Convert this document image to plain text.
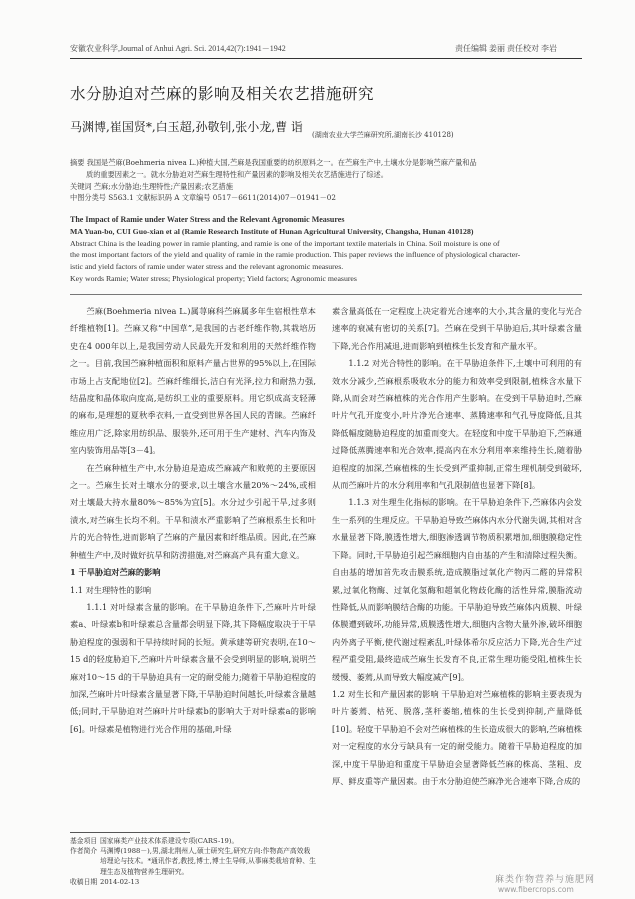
安徽农业科学,Journal of Anhui Agri. Sci. 2014,42(7):1941－1942	责任编辑 姜丽 责任校对 李岩
水分胁迫对苎麻的影响及相关农艺措施研究
马渊博,崔国贤*,白玉超,孙敬钊,张小龙,曹 诣
(湖南农业大学苎麻研究所,湖南长沙 410128)
摘要 我国是苎麻(Boehmeria nivea L.)种植大国,苎麻是我国重要的纺织原料之一。在苎麻生产中,土壤水分是影响苎麻产量和品
质的重要因素之一。就水分胁迫对苎麻生理特性和产量因素的影响及相关农艺措施进行了综述。
关键词 苎麻;水分胁迫;生理特性;产量因素;农艺措施
中图分类号 S563.1 文献标识码 A 文章编号 0517－6611(2014)07－01941－02
The Impact of Ramie under Water Stress and the Relevant Agronomic Measures
MA Yuan-bo, CUI Guo-xian et al (Ramie Research Institute of Hunan Agricultural University, Changsha, Hunan 410128)
Abstract China is the leading power in ramie planting, and ramie is one of the important textile materials in China. Soil moisture is one of
the most important factors of the yield and quality of ramie in the ramie production. This paper reviews the influence of physiological character-
istic and yield factors of ramie under water stress and the relevant agronomic measures.
Key words Ramie; Water stress; Physiological property; Yield factors; Agronomic measures

苎麻(Boehmeria nivea L.)属荨麻科苎麻属多年生宿根性草本纤维植物[1]。苎麻又称“中国草”,是我国的古老纤维作物,其栽培历史在4 000年以上,是我国劳动人民最先开发和利用的天然纤维作物之一。目前,我国苎麻种植面积和原料产量占世界的95%以上,在国际市场上占支配地位[2]。苎麻纤维细长,洁白有光泽,拉力和耐热力强,结晶度和晶体取向度高,是纺织工业的重要原料。用它织成高支轻薄的麻布,是理想的夏秋季衣料,一直受到世界各国人民的青睐。苎麻纤维应用广泛,除家用纺织品、服装外,还可用于生产建材、汽车内饰及室内装饰用品等[3－4]。

在苎麻种植生产中,水分胁迫是造成苎麻减产和败蔸的主要原因之一。苎麻生长对土壤水分的要求,以土壤含水量20%～24%,或相对土壤最大持水量80%～85%为宜[5]。水分过少引起干旱,过多则渍水,对苎麻生长均不利。干旱和渍水严重影响了苎麻根系生长和叶片的光合特性,进而影响了苎麻的产量因素和纤维品质。因此,在苎麻种植生产中,及时做好抗旱和防涝措施,对苎麻高产具有重大意义。

1 干旱胁迫对苎麻的影响

1.1 对生理特性的影响

1.1.1 对叶绿素含量的影响。在干旱胁迫条件下,苎麻叶片叶绿素a、叶绿素b和叶绿素总含量都会明显下降,其下降幅度取决于干旱胁迫程度的强弱和干旱持续时间的长短。黄承建等研究表明,在10～15 d的轻度胁迫下,苎麻叶片叶绿素含量不会受到明显的影响,说明苎麻对10～15 d的干旱胁迫具有一定的耐受能力;随着干旱胁迫程度的加深,苎麻叶片叶绿素含量显著下降,干旱胁迫时间越长,叶绿素含量越低;同时,干旱胁迫对苎麻叶片叶绿素b的影响大于对叶绿素a的影响[6]。叶绿素是植物进行光合作用的基础,叶绿

素含量高低在一定程度上决定着光合速率的大小,其含量的变化与光合速率的衰减有密切的关系[7]。苎麻在受到干旱胁迫后,其叶绿素含量下降,光合作用减退,进而影响到植株生长发育和产量水平。

1.1.2 对光合特性的影响。在干旱胁迫条件下,土壤中可利用的有效水分减少,苎麻根系吸收水分的能力和效率受到限制,植株含水量下降,从而会对苎麻植株的光合作用产生影响。在受到干旱胁迫时,苎麻叶片气孔开度变小,叶片净光合速率、蒸腾速率和气孔导度降低,且其降低幅度随胁迫程度的加重而变大。在轻度和中度干旱胁迫下,苎麻通过降低蒸腾速率和光合效率,提高内在水分利用率来维持生长,随着胁迫程度的加深,苎麻植株的生长受到严重抑制,正常生理机制受到破坏,从而苎麻叶片的水分利用率和气孔限制值也显著下降[8]。

1.1.3 对生理生化指标的影响。在干旱胁迫条件下,苎麻体内会发生一系列的生理反应。干旱胁迫导致苎麻体内水分代谢失调,其相对含水量显著下降,膜透性增大,细胞渗透调节物质积累增加,细胞膜稳定性下降。同时,干旱胁迫引起苎麻细胞内自由基的产生和清除过程失衡。自由基的增加首先攻击膜系统,造成膜脂过氧化产物丙二醛的异常积累,过氧化物酶、过氧化氢酶和超氧化物歧化酶的活性异常,膜脂流动性降低,从而影响膜结合酶的功能。干旱胁迫导致苎麻体内质膜、叶绿体膜遭到破坏,功能异常,质膜透性增大,细胞内含物大量外渗,破坏细胞内外离子平衡,使代谢过程紊乱,叶绿体希尔反应活力下降,光合生产过程严重受阻,最终造成苎麻生长发育不良,正常生理功能受阻,植株生长缓慢、萎蔫,从而导致大幅度减产[9]。

1.2 对生长和产量因素的影响 干旱胁迫对苎麻植株的影响主要表现为叶片萎蔫、枯死、脱落,茎秆萎缩,植株的生长受到抑制,产量降低[10]。轻度干旱胁迫不会对苎麻植株的生长造成很大的影响,苎麻植株对一定程度的水分亏缺具有一定的耐受能力。随着干旱胁迫程度的加深,中度干旱胁迫和重度干旱胁迫会显著降低苎麻的株高、茎粗、皮厚、鲜皮重等产量因素。由于水分胁迫使苎麻净光合速率下降,合成的

基金项目 国家麻类产业技术体系建设专项(CARS-19)。
作者简介 马渊博(1988－),男,湖北荆州人,硕士研究生,研究方向:作物高产高效栽培理论与技术。*通讯作者,教授,博士,博士生导师,从事麻类栽培育种、生理生态及植物营养生理研究。
收稿日期 2014-02-13	麻类作物营养与施肥网
www.fibercrops.com
